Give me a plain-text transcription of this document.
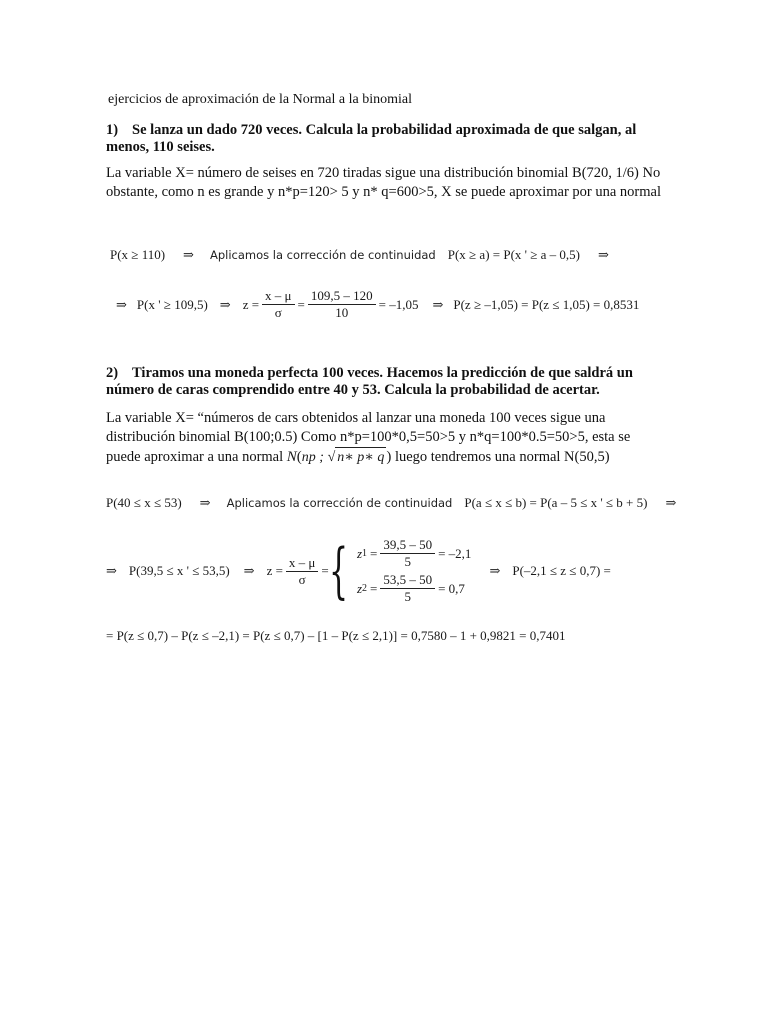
ejercicios de aproximación de la Normal a la binomial
1) Se lanza un dado 720 veces. Calcula la probabilidad aproximada de que salgan, al menos, 110 seises.
La variable X= número de seises en 720 tiradas sigue una distribución binomial B(720, 1/6) No obstante, como n es grande y n*p=120> 5 y n* q=600>5, X se puede aproximar por una normal
P(x ≥ 110) ⇒ Aplicamos la corrección de continuidad P(x ≥ a) = P(x ' ≥ a – 0,5) ⇒
⇒ P(x ' ≥ 109,5) ⇒ $z = \frac{x - \mu}{\sigma} = \frac{109,5 - 120}{10} = -1,05$ ⇒ P(z ≥ –1,05) = P(z ≤ 1,05) = 0,8531
2) Tiramos una moneda perfecta 100 veces. Hacemos la predicción de que saldrá un número de caras comprendido entre 40 y 53. Calcula la probabilidad de acertar.
La variable X= “números de cars obtenidos al lanzar una moneda 100 veces sigue una distribución binomial B(100;0.5) Como n*p=100*0,5=50>5 y n*q=100*0.5=50>5, esta se puede aproximar a una normal N(np ; √ n∗ p∗ q ) luego tendremos una normal N(50,5)
P(40 ≤ x ≤ 53) ⇒ Aplicamos la corrección de continuidad P(a ≤ x ≤ b) = P(a – 5 ≤ x ' ≤ b + 5) ⇒
⇒ P(39,5 ≤ x ' ≤ 53,5) ⇒ $z = \frac{x - \mu}{\sigma}$ = { z $1 = \frac{39,5 - 50}{5} = -2,1$
z $2 = \frac{53,5 - 50}{5} = 0,7$
⇒ P(–2,1 ≤ z ≤ 0,7) =
= P(z ≤ 0,7) – P(z ≤ –2,1) = P(z ≤ 0,7) – [1 – P(z ≤ 2,1)] = 0,7580 – 1 + 0,9821 = 0,7401
